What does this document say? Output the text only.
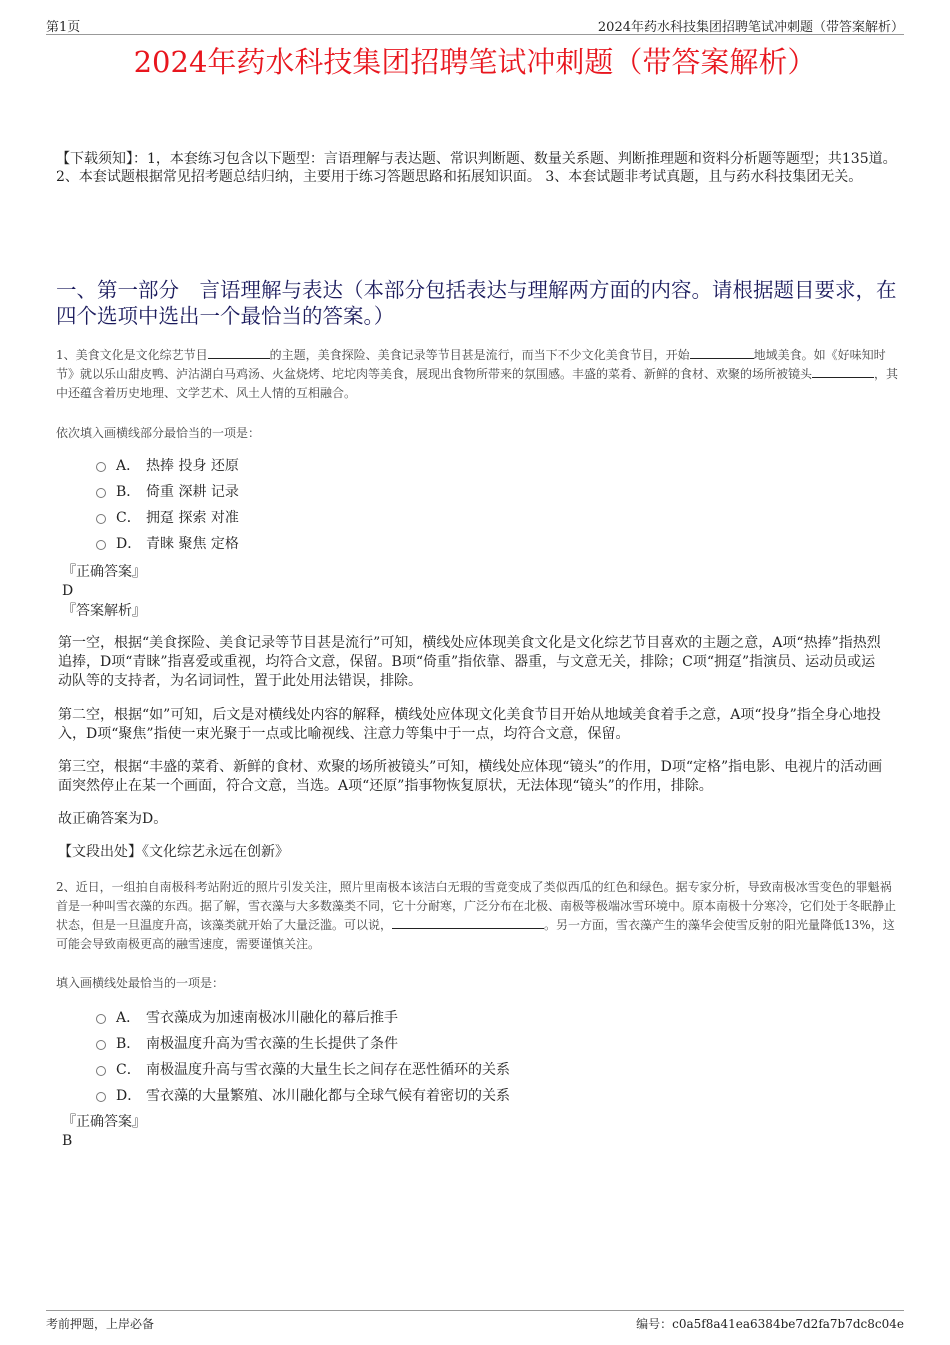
第1页	2024年药水科技集团招聘笔试冲刺题（带答案解析）
2024年药水科技集团招聘笔试冲刺题（带答案解析）
【下载须知】：1，本套练习包含以下题型：言语理解与表达题、常识判断题、数量关系题、判断推理题和资料分析题等题型；共135道。 2、本套试题根据常见招考题总结归纳，主要用于练习答题思路和拓展知识面。 3、本套试题非考试真题，且与药水科技集团无关。
一、第一部分　言语理解与表达（本部分包括表达与理解两方面的内容。请根据题目要求，在四个选项中选出一个最恰当的答案。）
1、美食文化是文化综艺节目	的主题，美食探险、美食记录等节目甚是流行，而当下不少文化美食节目，开始	地域美食。如《好味知时节》就以乐山甜皮鸭、泸沽湖白马鸡汤、火盆烧烤、坨坨肉等美食，展现出食物所带来的氛围感。丰盛的菜肴、新鲜的食材、欢聚的场所被镜头	，其中还蕴含着历史地理、文学艺术、风土人情的互相融合。
依次填入画横线部分最恰当的一项是：
A． 热捧 投身 还原
B． 倚重 深耕 记录
C． 拥趸 探索 对准
D． 青睐 聚焦 定格
『正确答案』
D
『答案解析』
第一空，根据“美食探险、美食记录等节目甚是流行”可知，横线处应体现美食文化是文化综艺节目喜欢的主题之意，A项“热捧”指热烈追捧，D项“青睐”指喜爱或重视，均符合文意，保留。B项“倚重”指依靠、器重，与文意无关，排除；C项“拥趸”指演员、运动员或运动队等的支持者，为名词词性，置于此处用法错误，排除。
第二空，根据“如”可知，后文是对横线处内容的解释，横线处应体现文化美食节目开始从地域美食着手之意，A项“投身”指全身心地投入，D项“聚焦”指使一束光聚于一点或比喻视线、注意力等集中于一点，均符合文意，保留。
第三空，根据“丰盛的菜肴、新鲜的食材、欢聚的场所被镜头”可知，横线处应体现“镜头”的作用，D项“定格”指电影、电视片的活动画面突然停止在某一个画面，符合文意，当选。A项“还原”指事物恢复原状，无法体现“镜头”的作用，排除。
故正确答案为D。
【文段出处】《文化综艺永远在创新》
2、近日，一组拍自南极科考站附近的照片引发关注，照片里南极本该洁白无瑕的雪竟变成了类似西瓜的红色和绿色。据专家分析，导致南极冰雪变色的罪魁祸首是一种叫雪衣藻的东西。据了解，雪衣藻与大多数藻类不同，它十分耐寒，广泛分布在北极、南极等极端冰雪环境中。原本南极十分寒冷，它们处于冬眠静止状态，但是一旦温度升高，该藻类就开始了大量泛滥。可以说，	。另一方面，雪衣藻产生的藻华会使雪反射的阳光量降低13%，这可能会导致南极更高的融雪速度，需要谨慎关注。
填入画横线处最恰当的一项是：
A． 雪衣藻成为加速南极冰川融化的幕后推手
B． 南极温度升高为雪衣藻的生长提供了条件
C． 南极温度升高与雪衣藻的大量生长之间存在恶性循环的关系
D． 雪衣藻的大量繁殖、冰川融化都与全球气候有着密切的关系
『正确答案』
B
考前押题，上岸必备	编号：c0a5f8a41ea6384be7d2fa7b7dc8c04e
